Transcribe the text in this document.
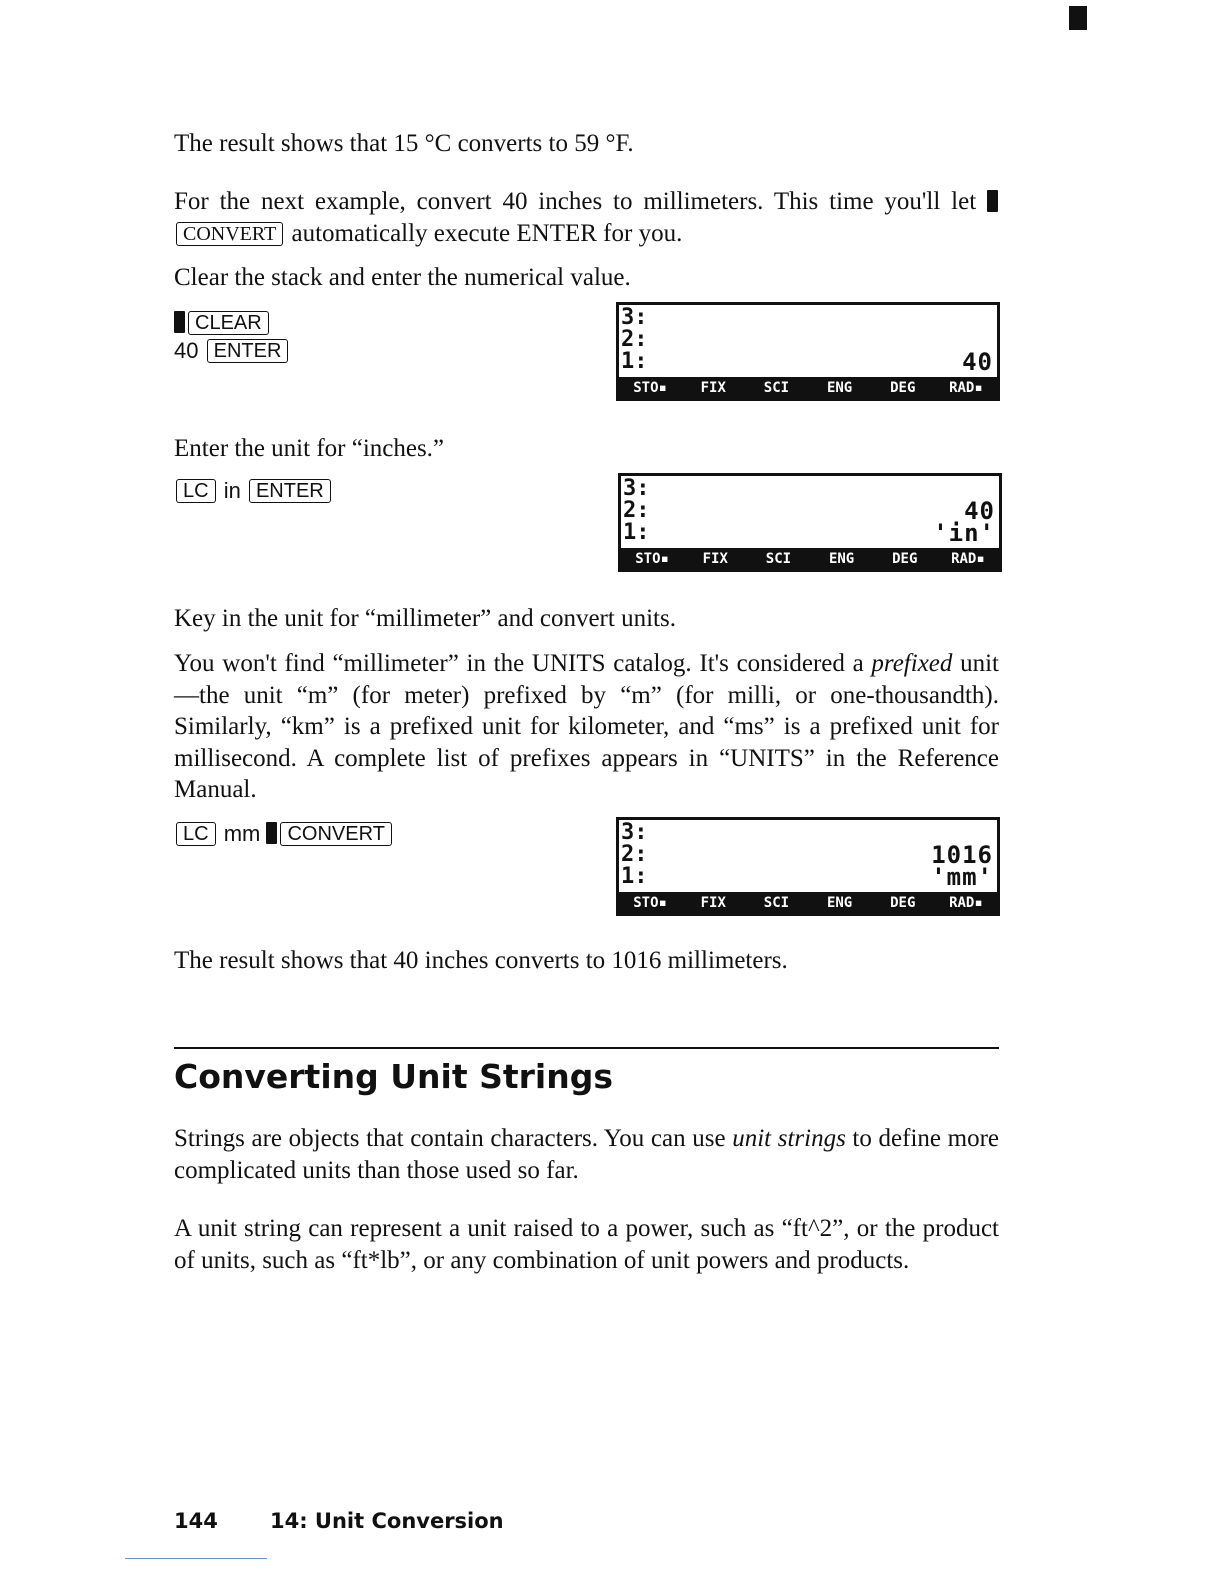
The result shows that 15 °C converts to 59 °F.
For the next example, convert 40 inches to millimeters. This time you'll let CONVERT automatically execute ENTER for you.
Clear the stack and enter the numerical value.
CLEAR
40 ENTER
3:
2:
1:	40
STO▪	FIX	SCI	ENG	DEG	RAD▪
Enter the unit for “inches.”
LC in ENTER	3:
2:	40
1:	'in'
STO▪	FIX	SCI	ENG	DEG	RAD▪
Key in the unit for “millimeter” and convert units.
You won't find “millimeter” in the UNITS catalog. It's considered a prefixed unit—the unit “m” (for meter) prefixed by “m” (for milli, or one-thousandth). Similarly, “km” is a prefixed unit for kilometer, and “ms” is a prefixed unit for millisecond. A complete list of prefixes appears in “UNITS” in the Reference Manual.
LC mm CONVERT	3:
2:	1016
1:	'mm'
STO▪	FIX	SCI	ENG	DEG	RAD▪
The result shows that 40 inches converts to 1016 millimeters.
Converting Unit Strings
Strings are objects that contain characters. You can use unit strings to define more complicated units than those used so far.
A unit string can represent a unit raised to a power, such as “ft^2”, or the product of units, such as “ft*lb”, or any combination of unit powers and products.
144 14: Unit Conversion
